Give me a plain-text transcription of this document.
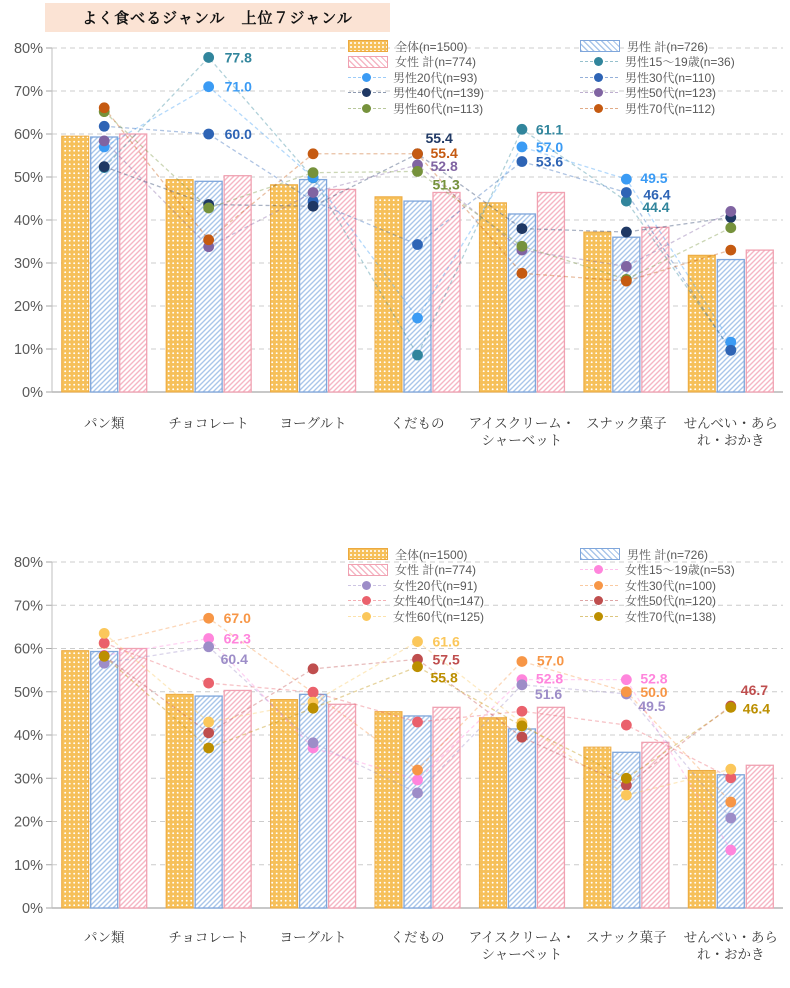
よく食べるジャンル　上位７ジャンル
0%
10%
20%
30%
40%
50%
60%
70%
80%
77.8
61.1
44.4
71.0
57.0
49.5
60.0
53.6
46.4
55.4
52.8
51.3
55.4
パン類	チョコレート ヨーグルト	くだもの アイスクリーム・シャーベット
スナック菓子 せんべい・あられ・おかき
0%
10%
20%
30%
40%
50%
60%
70%
80%
62.3
52.8	52.8
60.4
51.6
49.5
67.0
57.0
50.0
57.5
46.7
61.6
55.8
46.4
パン類	チョコレート ヨーグルト	くだもの アイスクリーム・シャーベット
スナック菓子 せんべい・あられ・おかき
全体(n=1500)
女性 計(n=774)
男性20代(n=93)
男性40代(n=139)
男性60代(n=113)
男性 計(n=726)
男性15～19歳(n=36)
男性30代(n=110)
男性50代(n=123)
男性70代(n=112)
全体(n=1500)
女性 計(n=774)
女性20代(n=91)
女性40代(n=147)
女性60代(n=125)
男性 計(n=726)
女性15～19歳(n=53)
女性30代(n=100)
女性50代(n=120)
女性70代(n=138)
